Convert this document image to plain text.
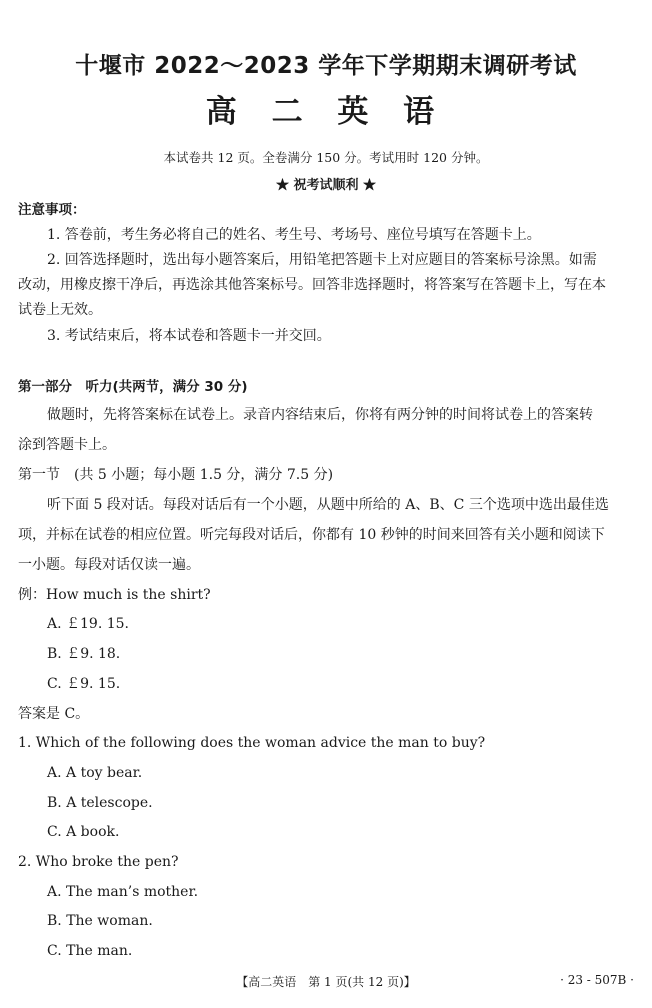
十堰市 2022～2023 学年下学期期末调研考试
高 二 英 语
本试卷共 12 页。全卷满分 150 分。考试用时 120 分钟。
★ 祝考试顺利 ★
注意事项：
1. 答卷前，考生务必将自己的姓名、考生号、考场号、座位号填写在答题卡上。
2. 回答选择题时，选出每小题答案后，用铅笔把答题卡上对应题目的答案标号涂黑。如需
改动，用橡皮擦干净后，再选涂其他答案标号。回答非选择题时，将答案写在答题卡上，写在本
试卷上无效。
3. 考试结束后，将本试卷和答题卡一并交回。
第一部分　听力(共两节，满分 30 分)
做题时，先将答案标在试卷上。录音内容结束后，你将有两分钟的时间将试卷上的答案转
涂到答题卡上。
第一节　(共 5 小题；每小题 1.5 分，满分 7.5 分)
听下面 5 段对话。每段对话后有一个小题，从题中所给的 A、B、C 三个选项中选出最佳选
项，并标在试卷的相应位置。听完每段对话后，你都有 10 秒钟的时间来回答有关小题和阅读下
一小题。每段对话仅读一遍。
例：How much is the shirt?
A. ￡19. 15.
B. ￡9. 18.
C. ￡9. 15.
答案是 C。
1. Which of the following does the woman advice the man to buy?
A. A toy bear.
B. A telescope.
C. A book.
2. Who broke the pen?
A. The man’s mother.
B. The woman.
C. The man.
【高二英语　第 1 页(共 12 页)】	· 23 - 507B ·
